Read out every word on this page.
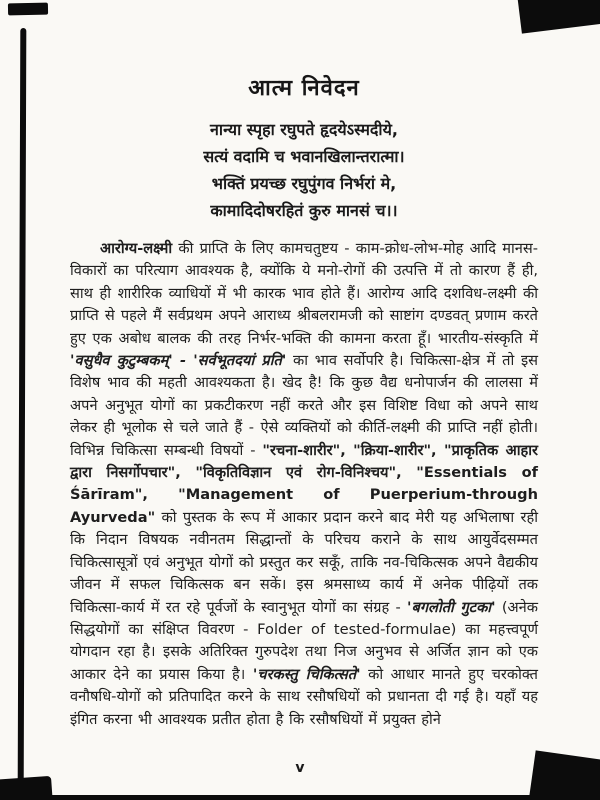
आत्म निवेदन
नान्या स्पृहा रघुपते हृदयेऽस्मदीये,
सत्यं वदामि च भवानखिलान्तरात्मा।
भक्तिं प्रयच्छ रघुपुंगव निर्भरां मे,
कामादिदोषरहितं कुरु मानसं च।।

आरोग्य-लक्ष्मी की प्राप्ति के लिए कामचतुष्टय - काम-क्रोध-लोभ-मोह आदि मानस-विकारों का परित्याग आवश्यक है, क्योंकि ये मनो-रोगों की उत्पत्ति में तो कारण हैं ही, साथ ही शारीरिक व्याधियों में भी कारक भाव होते हैं। आरोग्य आदि दशविध-लक्ष्मी की प्राप्ति से पहले मैं सर्वप्रथम अपने आराध्य श्रीबलरामजी को साष्टांग दण्डवत् प्रणाम करते हुए एक अबोध बालक की तरह निर्भर-भक्ति की कामना करता हूँ। भारतीय-संस्कृति में 'वसुधैव कुटुम्बकम्' - 'सर्वभूतदयां प्रति' का भाव सर्वोपरि है। चिकित्सा-क्षेत्र में तो इस विशेष भाव की महती आवश्यकता है। खेद है! कि कुछ वैद्य धनोपार्जन की लालसा में अपने अनुभूत योगों का प्रकटीकरण नहीं करते और इस विशिष्ट विधा को अपने साथ लेकर ही भूलोक से चले जाते हैं - ऐसे व्यक्तियों को कीर्ति-लक्ष्मी की प्राप्ति नहीं होती। विभिन्न चिकित्सा सम्बन्धी विषयों - "रचना-शारीर", "क्रिया-शारीर", "प्राकृतिक आहार द्वारा निसर्गोपचार", "विकृतिविज्ञान एवं रोग-विनिश्चय", "Essentials of Śārīram", "Management of Puerperium-through Ayurveda" को पुस्तक के रूप में आकार प्रदान करने बाद मेरी यह अभिलाषा रही कि निदान विषयक नवीनतम सिद्धान्तों के परिचय कराने के साथ आयुर्वेदसम्मत चिकित्सासूत्रों एवं अनुभूत योगों को प्रस्तुत कर सकूँ, ताकि नव-चिकित्सक अपने वैद्यकीय जीवन में सफल चिकित्सक बन सकें। इस श्रमसाध्य कार्य में अनेक पीढ़ियों तक चिकित्सा-कार्य में रत रहे पूर्वजों के स्वानुभूत योगों का संग्रह - 'बगलोती गुटका' (अनेक सिद्धयोगों का संक्षिप्त विवरण - Folder of tested-formulae) का महत्त्वपूर्ण योगदान रहा है। इसके अतिरिक्त गुरुपदेश तथा निज अनुभव से अर्जित ज्ञान को एक आकार देने का प्रयास किया है। 'चरकस्तु चिकित्सते' को आधार मानते हुए चरकोक्त वनौषधि-योगों को प्रतिपादित करने के साथ रसौषधियों को प्रधानता दी गई है। यहाँ यह इंगित करना भी आवश्यक प्रतीत होता है कि रसौषधियों में प्रयुक्त होने

v
